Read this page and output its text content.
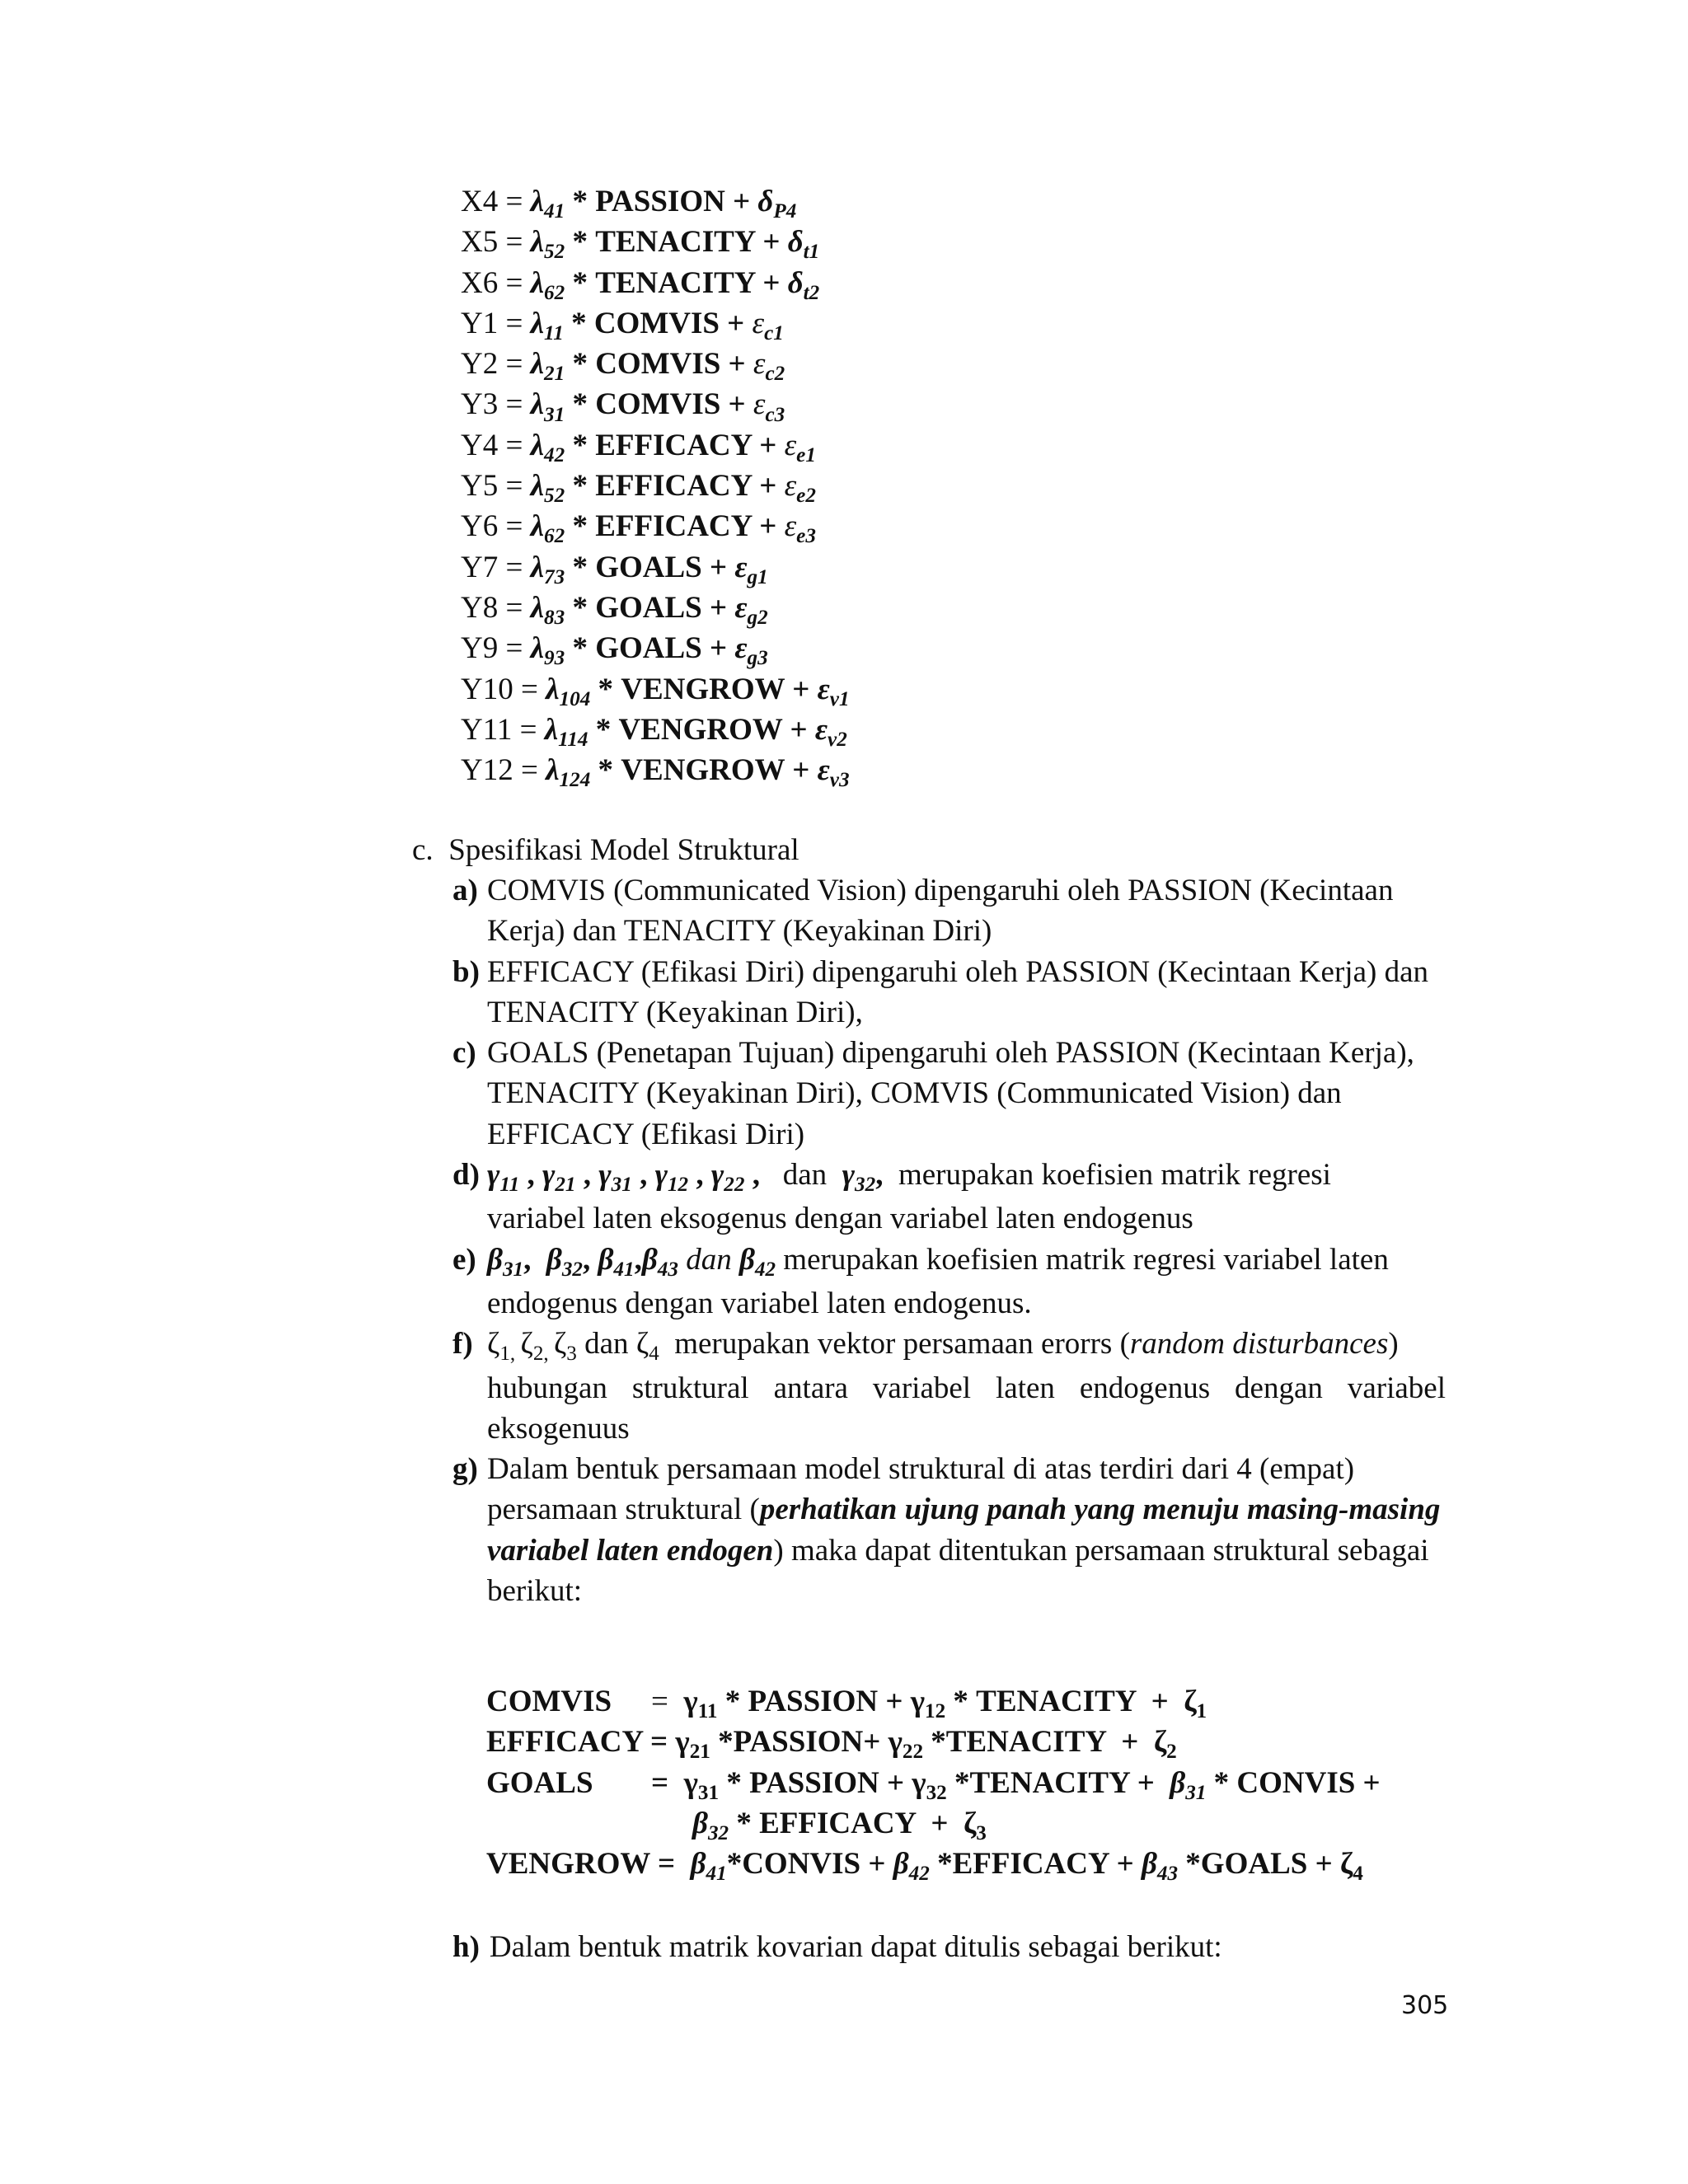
$X4 = \lambda_{41}$ * PASSION + $\delta_{P4}$
$X5 = \lambda_{52}$ * TENACITY + $\delta_{t1}$
$X6 = \lambda_{62}$ * TENACITY + $\delta_{t2}$
$Y1 = \lambda_{11}$ * COMVIS + $\varepsilon_{c1}$
$Y2 = \lambda_{21}$ * COMVIS + $\varepsilon_{c2}$
$Y3 = \lambda_{31}$ * COMVIS + $\varepsilon_{c3}$
$Y4 = \lambda_{42}$ * EFFICACY + $\varepsilon_{e1}$
$Y5 = \lambda_{52}$ * EFFICACY + $\varepsilon_{e2}$
$Y6 = \lambda_{62}$ * EFFICACY + $\varepsilon_{e3}$
$Y7 = \lambda_{73}$ * GOALS + $\varepsilon_{g1}$
$Y8 = \lambda_{83}$ * GOALS + $\varepsilon_{g2}$
$Y9 = \lambda_{93}$ * GOALS + $\varepsilon_{g3}$
$Y10 = \lambda_{104}$ * VENGROW + $\varepsilon_{v1}$
$Y11 = \lambda_{114}$ * VENGROW + $\varepsilon_{v2}$
$Y12 = \lambda_{124}$ * VENGROW + $\varepsilon_{v3}$
c. Spesifikasi Model Struktural
a) COMVIS (Communicated Vision) dipengaruhi oleh PASSION (Kecintaan
Kerja) dan TENACITY (Keyakinan Diri)
b) EFFICACY (Efikasi Diri) dipengaruhi oleh PASSION (Kecintaan Kerja) dan
TENACITY (Keyakinan Diri),
c) GOALS (Penetapan Tujuan) dipengaruhi oleh PASSION (Kecintaan Kerja),
TENACITY (Keyakinan Diri), COMVIS (Communicated Vision) dan
EFFICACY (Efikasi Diri)
d) $\gamma_{11}$ , $\gamma_{21}$ , $\gamma_{31}$ , $\gamma_{12}$ , $\gamma_{22}$ ,   dan  $\gamma_{32}$,  merupakan koefisien matrik regresi
variabel laten eksogenus dengan variabel laten endogenus
e) $\beta_{31}$,  $\beta_{32}$, $\beta_{41},\beta_{43}$ dan $\beta_{42}$ merupakan koefisien matrik regresi variabel laten
endogenus dengan variabel laten endogenus.
f) $\zeta_{1,}$ $\zeta_{2,}$ $\zeta_3$ dan $\zeta_4$  merupakan vektor persamaan erorrs (random disturbances)
hubungan struktural antara variabel laten endogenus dengan variabel
eksogenuus
g) Dalam bentuk persamaan model struktural di atas terdiri dari 4 (empat)
persamaan struktural (perhatikan ujung panah yang menuju masing-masing
variabel laten endogen) maka dapat ditentukan persamaan struktural sebagai
berikut:
COMVIS = $\gamma_{11}$ * PASSION + $\gamma_{12}$ * TENACITY  +  $\zeta_1$
EFFICACY = $\gamma_{21}$ *PASSION+ $\gamma_{22}$ *TENACITY  +  $\zeta_2$
GOALS = $\gamma_{31}$ * PASSION + $\gamma_{32}$ *TENACITY +  $\beta_{31}$ * CONVIS +
$\beta_{32}$ * EFFICACY  +  $\zeta_3$
VENGROW = $\beta_{41}*CONVIS + \beta_{42}$ *EFFICACY + $\beta_{43}$ *GOALS + $\zeta_4$
h) Dalam bentuk matrik kovarian dapat ditulis sebagai berikut:
305
